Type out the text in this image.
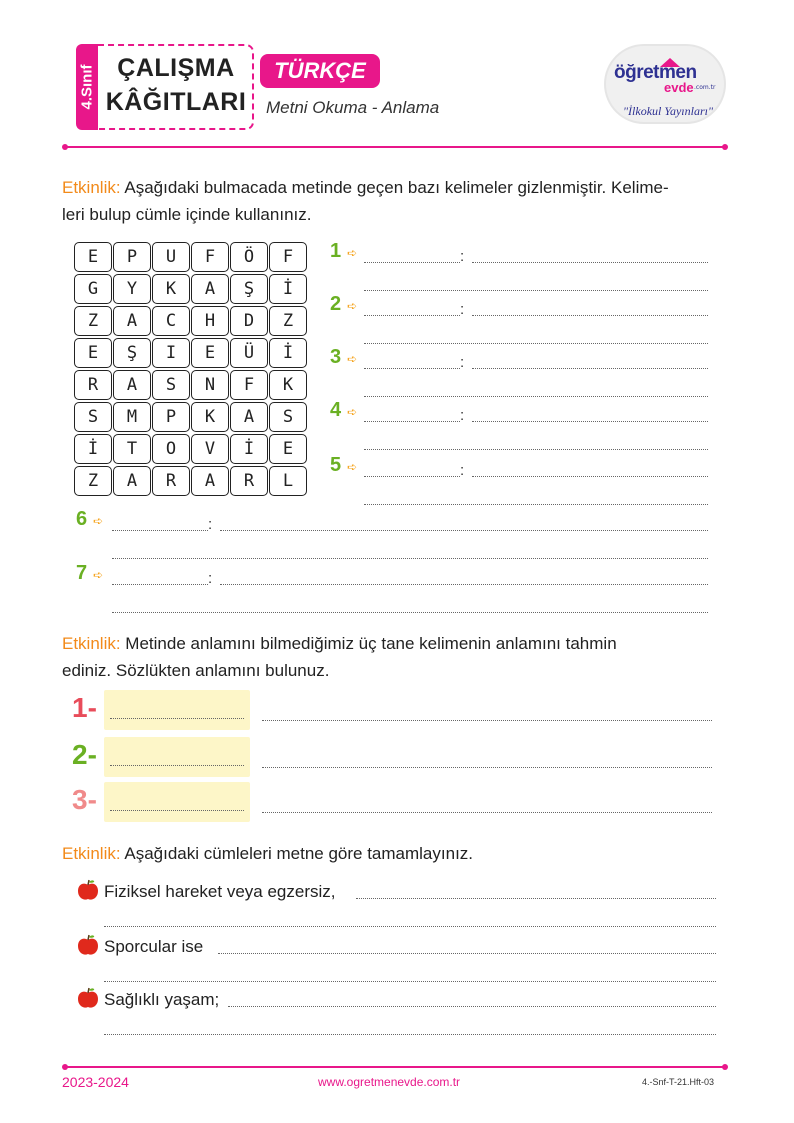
4.Sınıf ÇALIŞMA
KÂĞITLARI
TÜRKÇE
Metni Okuma - Anlama
öğretmen
evde .com.tr
"İlkokul Yayınları"
Etkinlik: Aşağıdaki bulmacada metinde geçen bazı kelimeler gizlenmiştir. Kelime-
leri bulup cümle içinde kullanınız.
E	P	U	F	Ö	F
G	Y	K	A	Ş	İ
Z	A	C	H	D	Z
E	Ş	I	E	Ü	İ
R	A	S	N	F	K
S	M	P	K	A	S
İ	T	O	V	İ	E
Z	A	R	A	R	L
1 ➪	:
2 ➪	:
3 ➪	:
4 ➪	:
5 ➪	:
6 ➪	:
7 ➪	:
Etkinlik: Metinde anlamını bilmediğimiz üç tane kelimenin anlamını tahmin
ediniz. Sözlükten anlamını bulunuz.
1-
2-
3-
Etkinlik: Aşağıdaki cümleleri metne göre tamamlayınız.
Fiziksel hareket veya egzersiz,
Sporcular ise
Sağlıklı yaşam;
2023-2024	www.ogretmenevde.com.tr	4.-Snf-T-21.Hft-03
